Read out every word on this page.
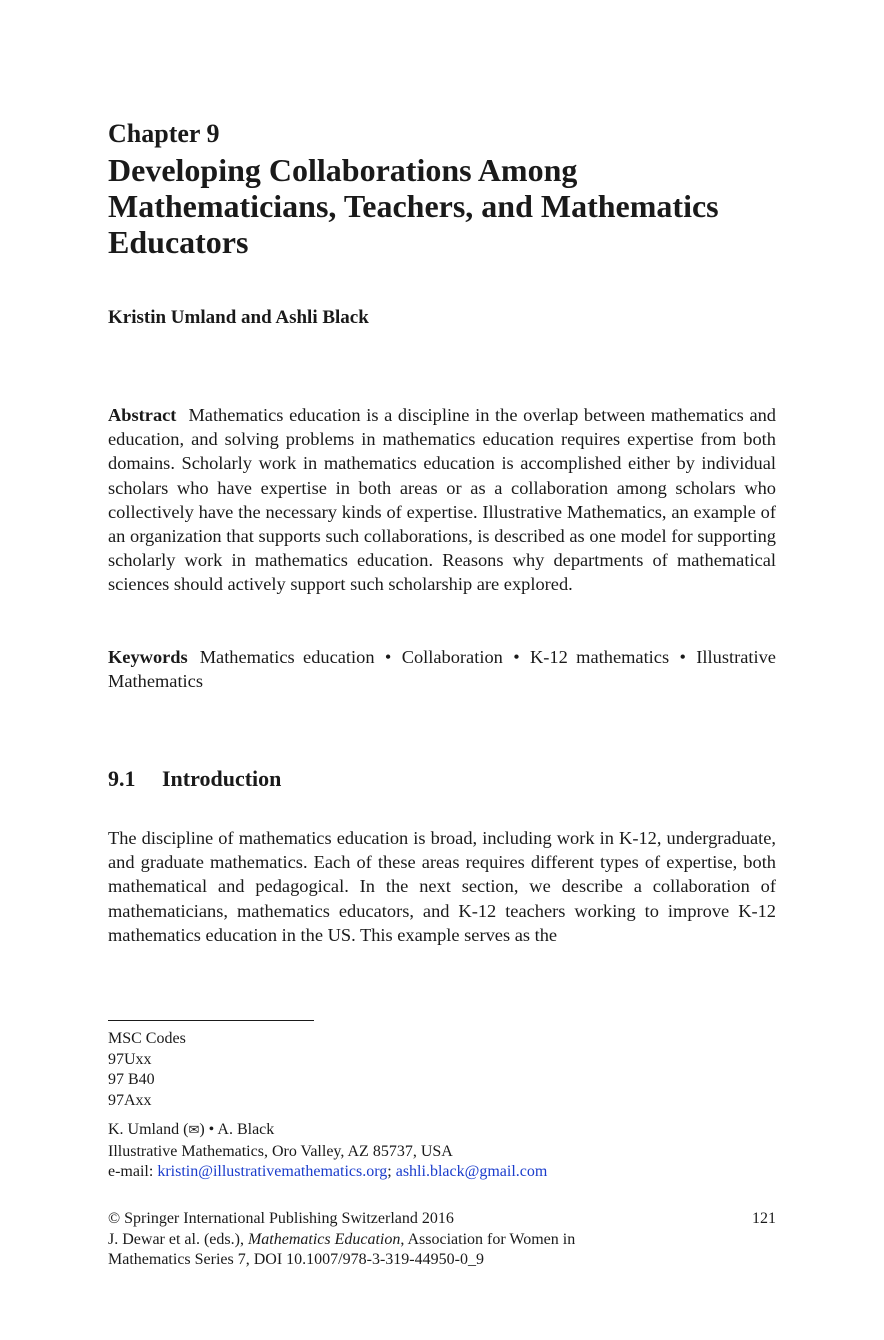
Chapter 9
Developing Collaborations Among
Mathematicians, Teachers, and Mathematics
Educators
Kristin Umland and Ashli Black
Abstract Mathematics education is a discipline in the overlap between mathematics and education, and solving problems in mathematics education requires expertise from both domains. Scholarly work in mathematics education is accomplished either by individual scholars who have expertise in both areas or as a collaboration among scholars who collectively have the necessary kinds of expertise. Illustrative Mathematics, an example of an organization that supports such collaborations, is described as one model for supporting scholarly work in mathematics education. Reasons why departments of mathematical sciences should actively support such scholarship are explored.
Keywords Mathematics education • Collaboration • K-12 mathematics • Illustrative Mathematics
9.1 Introduction
The discipline of mathematics education is broad, including work in K-12, undergraduate, and graduate mathematics. Each of these areas requires different types of expertise, both mathematical and pedagogical. In the next section, we describe a collaboration of mathematicians, mathematics educators, and K-12 teachers working to improve K-12 mathematics education in the US. This example serves as the
MSC Codes
97Uxx
97 B40
97Axx
K. Umland (✉) • A. Black
Illustrative Mathematics, Oro Valley, AZ 85737, USA
e-mail: kristin@illustrativemathematics.org; ashli.black@gmail.com
© Springer International Publishing Switzerland 2016
J. Dewar et al. (eds.), Mathematics Education, Association for Women in
Mathematics Series 7, DOI 10.1007/978-3-319-44950-0_9
121
